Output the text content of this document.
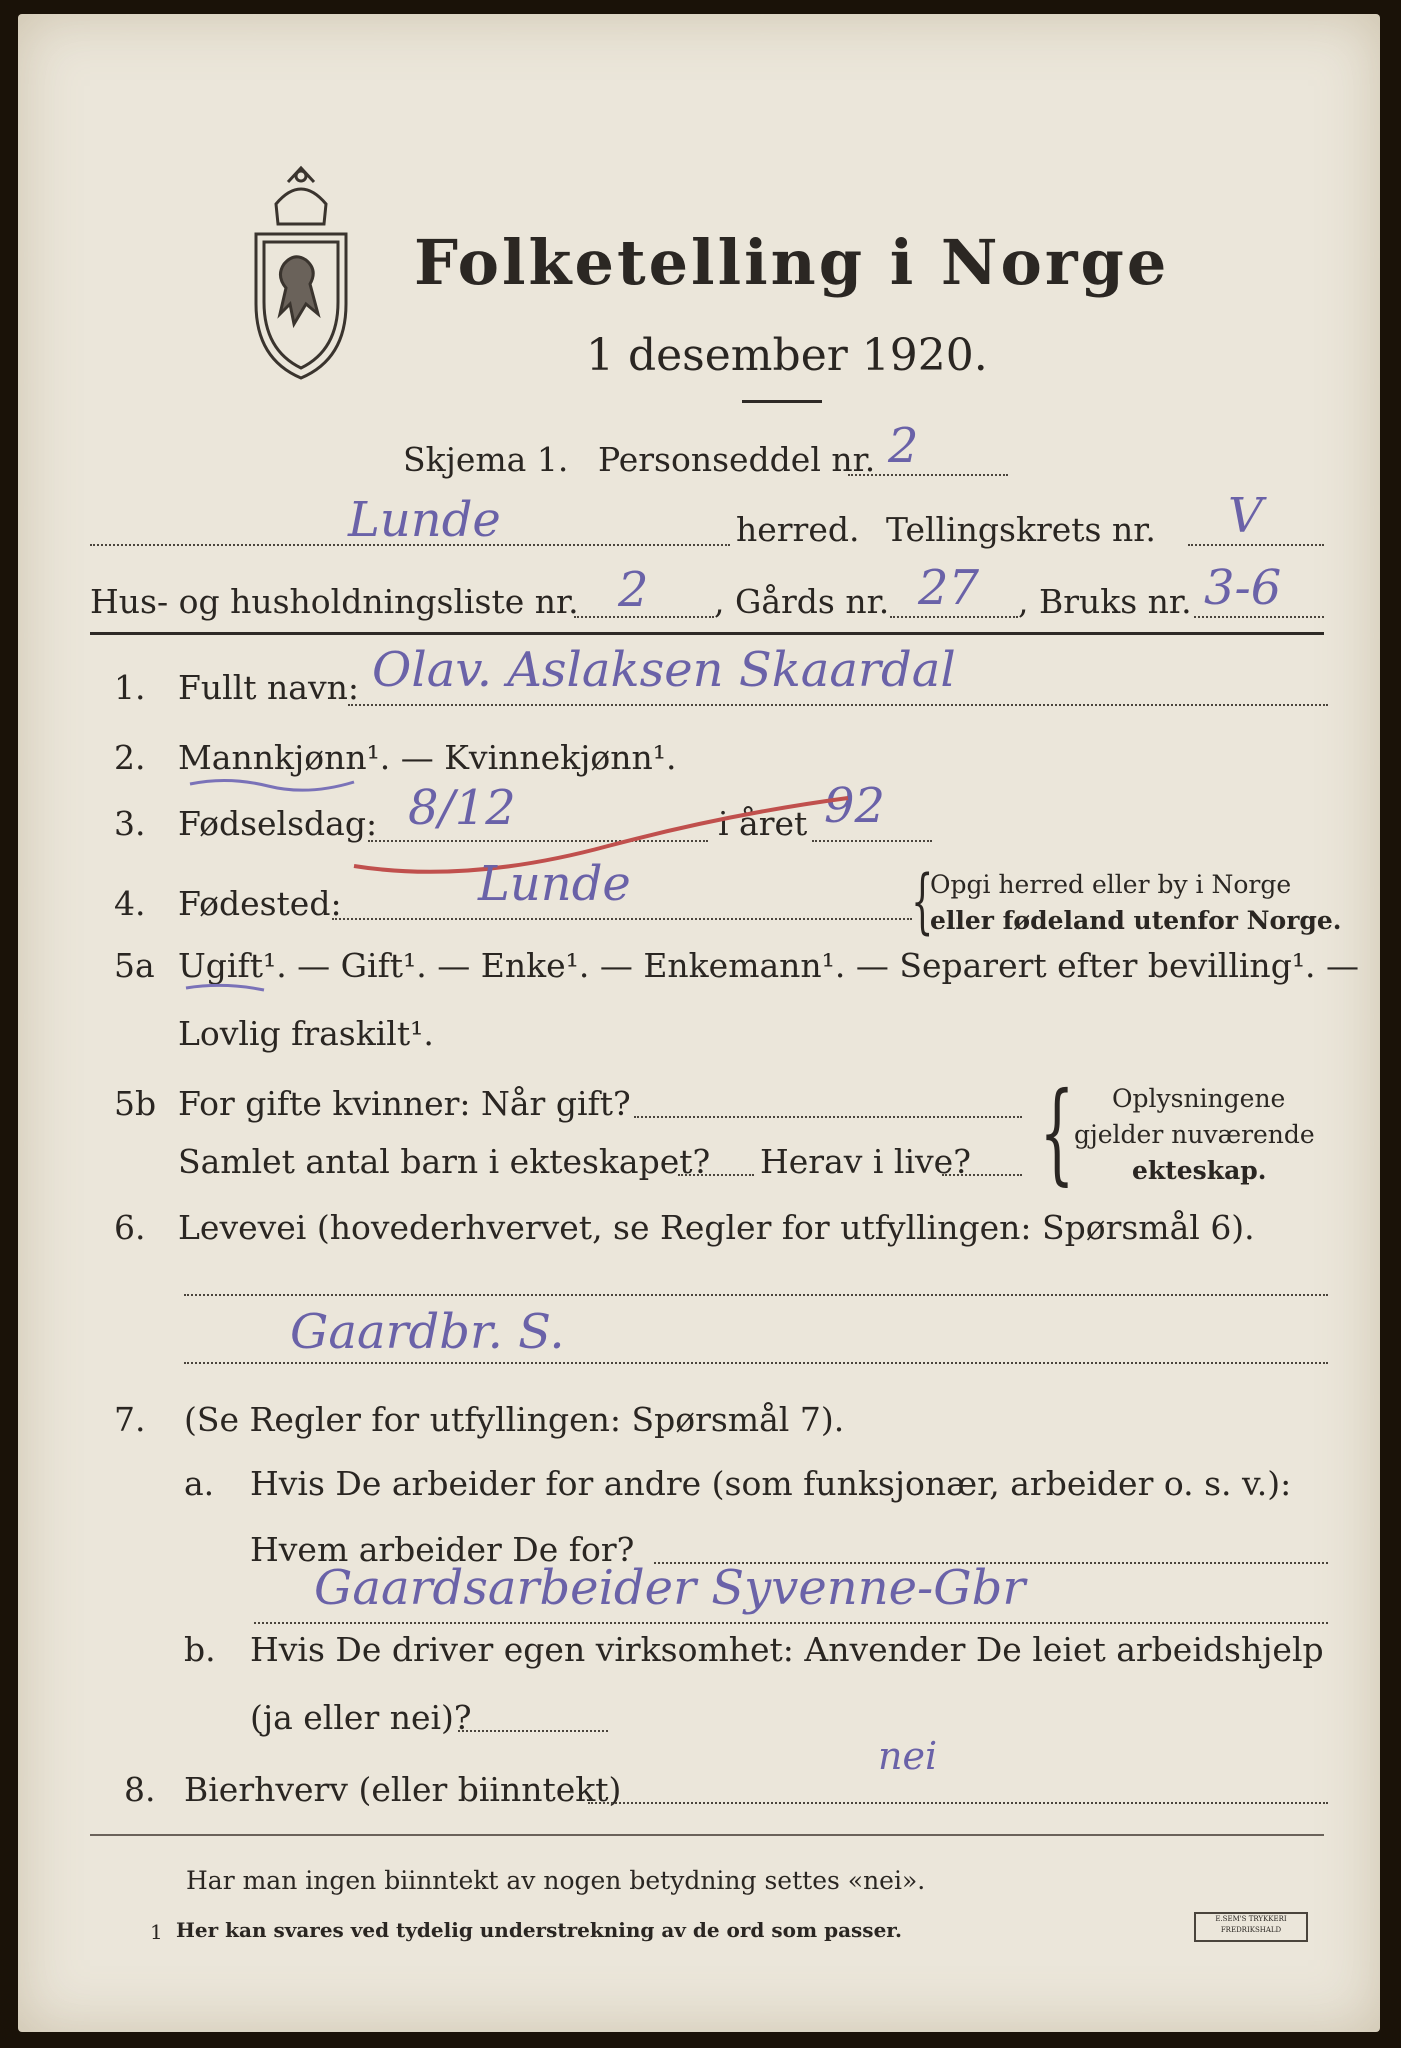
Folketelling i Norge
1 desember 1920.
Skjema 1. Personseddel nr. 2
Lunde	herred. Tellingskrets nr. V
Hus- og husholdningsliste nr. 2 , Gårds nr. 27 , Bruks nr. 3-6
1. Fullt navn: Olav. Aslaksen Skaardal
2. Mannkjønn¹. — Kvinnekjønn¹.
3. Fødselsdag: 8/12	i året 92
4. Fødested:	Lunde	{
Opgi herred eller by i Norge
eller fødeland utenfor Norge.
5a Ugift¹. — Gift¹. — Enke¹. — Enkemann¹. — Separert efter bevilling¹. —
Lovlig fraskilt¹.
5b For gifte kvinner: Når gift?
Samlet antal barn i ekteskapet? Herav i live? { Oplysningene
gjelder nuværende
ekteskap.
6. Levevei (hovederhvervet, se Regler for utfyllingen: Spørsmål 6).
Gaardbr. S.
7. (Se Regler for utfyllingen: Spørsmål 7).
a. Hvis De arbeider for andre (som funksjonær, arbeider o. s. v.):
Hvem arbeider De for?
Gaardsarbeider Syvenne-Gbr
b. Hvis De driver egen virksomhet: Anvender De leiet arbeidshjelp
(ja eller nei)?
8. Bierhverv (eller biinntekt)
nei
Har man ingen biinntekt av nogen betydning settes «nei».
1 Her kan svares ved tydelig understrekning av de ord som passer.	E.SEM'S TRYKKERI FREDRIKSHALD
